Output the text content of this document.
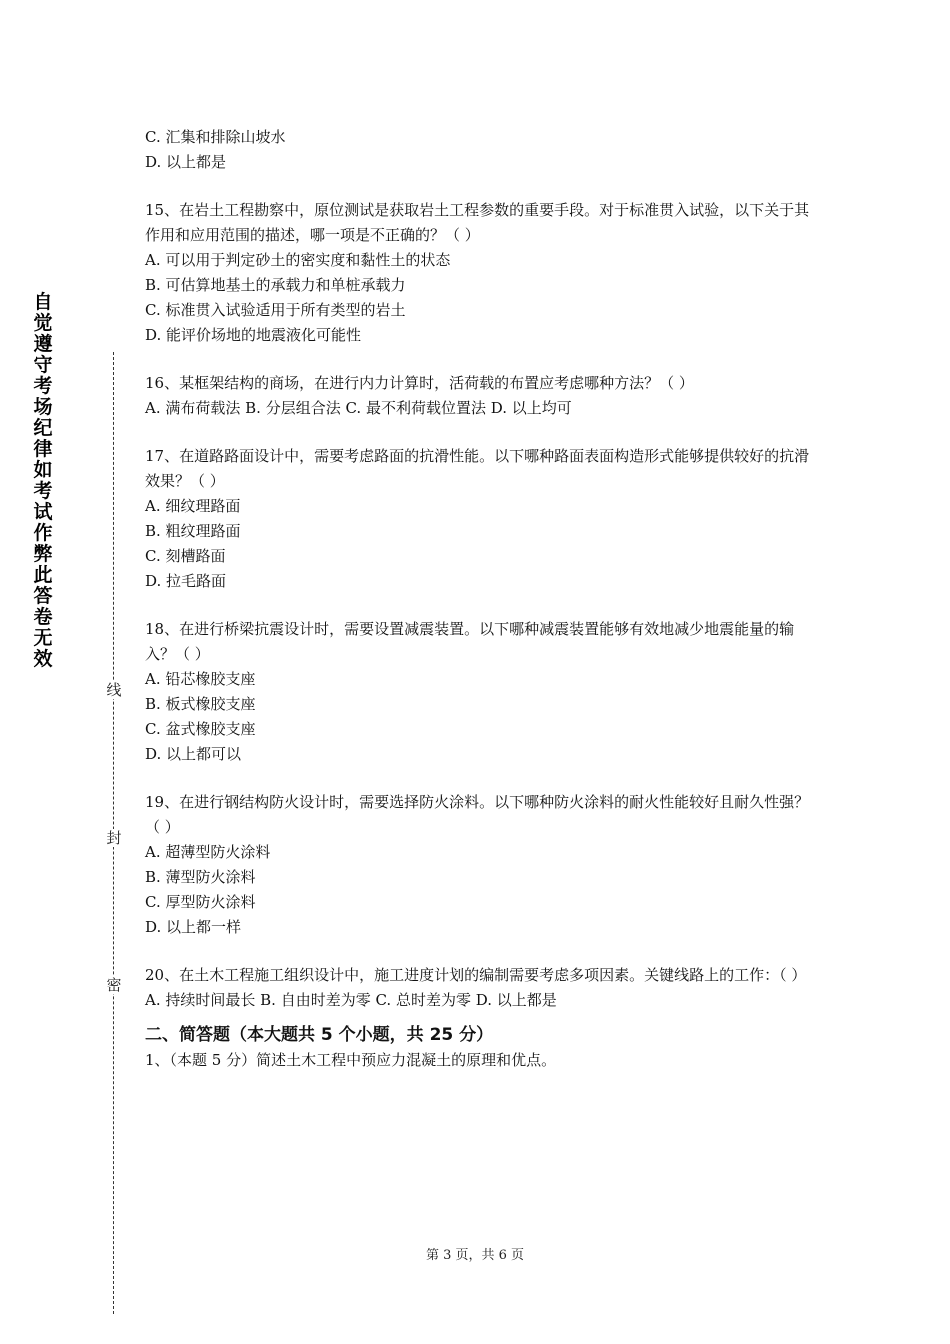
自觉遵守考场纪律如考试作弊此答卷无效
线
封
密
C. 汇集和排除山坡水
D. 以上都是
15、在岩土工程勘察中，原位测试是获取岩土工程参数的重要手段。对于标准贯入试验，以下关于其作用和应用范围的描述，哪一项是不正确的？（ ）
A. 可以用于判定砂土的密实度和黏性土的状态
B. 可估算地基土的承载力和单桩承载力
C. 标准贯入试验适用于所有类型的岩土
D. 能评价场地的地震液化可能性
16、某框架结构的商场，在进行内力计算时，活荷载的布置应考虑哪种方法？（ ）
A. 满布荷载法 B. 分层组合法 C. 最不利荷载位置法 D. 以上均可
17、在道路路面设计中，需要考虑路面的抗滑性能。以下哪种路面表面构造形式能够提供较好的抗滑效果？（ ）
A. 细纹理路面
B. 粗纹理路面
C. 刻槽路面
D. 拉毛路面
18、在进行桥梁抗震设计时，需要设置减震装置。以下哪种减震装置能够有效地减少地震能量的输入？（ ）
A. 铅芯橡胶支座
B. 板式橡胶支座
C. 盆式橡胶支座
D. 以上都可以
19、在进行钢结构防火设计时，需要选择防火涂料。以下哪种防火涂料的耐火性能较好且耐久性强？（ ）
A. 超薄型防火涂料
B. 薄型防火涂料
C. 厚型防火涂料
D. 以上都一样
20、在土木工程施工组织设计中，施工进度计划的编制需要考虑多项因素。关键线路上的工作：（ ）
A. 持续时间最长 B. 自由时差为零 C. 总时差为零 D. 以上都是
二、简答题（本大题共 5 个小题，共 25 分）
1、（本题 5 分）简述土木工程中预应力混凝土的原理和优点。
第 3 页，共 6 页
